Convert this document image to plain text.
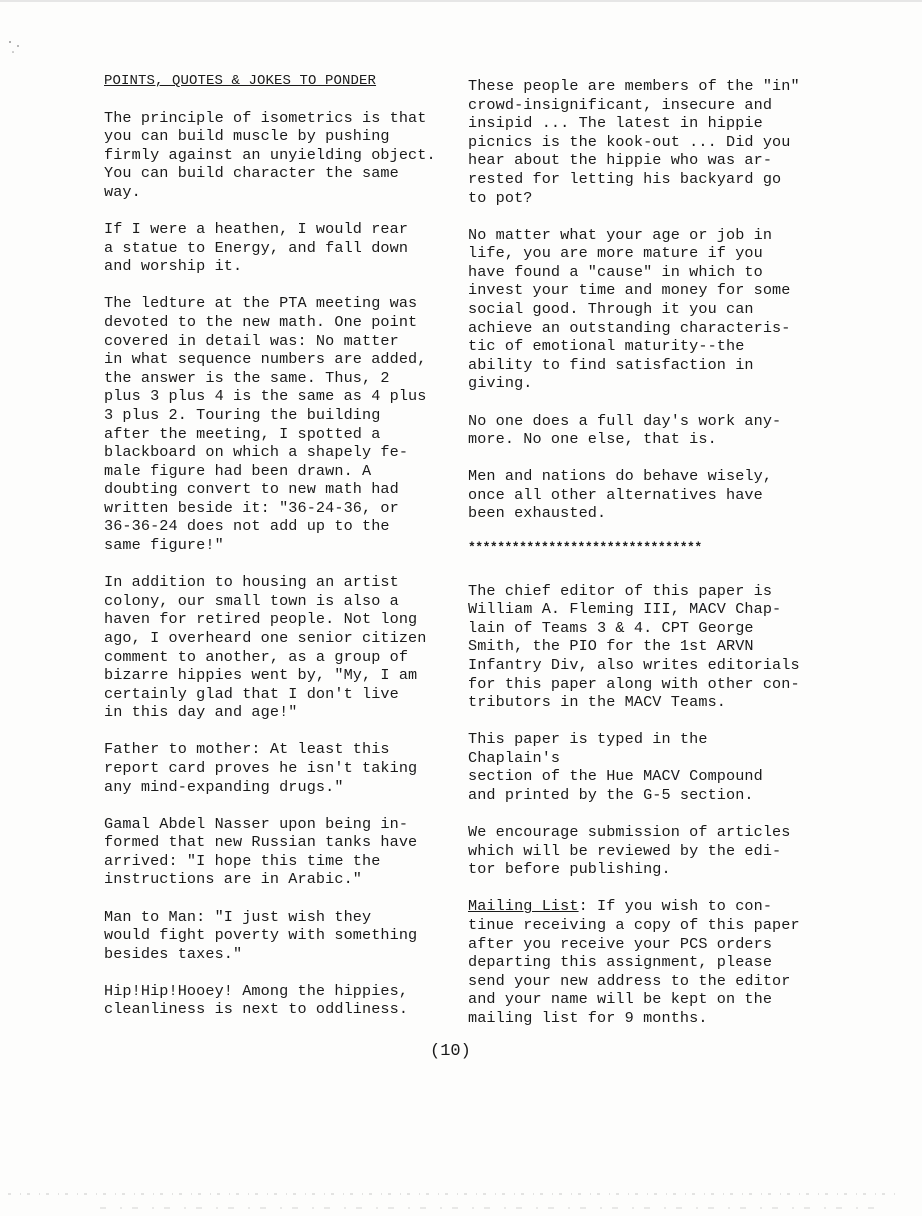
POINTS, QUOTES & JOKES TO PONDER

The principle of isometrics is that
you can build muscle by pushing
firmly against an unyielding object.
You can build character the same
way.

If I were a heathen, I would rear
a statue to Energy, and fall down
and worship it.

The ledture at the PTA meeting was
devoted to the new math. One point
covered in detail was: No matter
in what sequence numbers are added,
the answer is the same. Thus, 2
plus 3 plus 4 is the same as 4 plus
3 plus 2. Touring the building
after the meeting, I spotted a
blackboard on which a shapely fe-
male figure had been drawn. A
doubting convert to new math had
written beside it: "36-24-36, or
36-36-24 does not add up to the
same figure!"

In addition to housing an artist
colony, our small town is also a
haven for retired people. Not long
ago, I overheard one senior citizen
comment to another, as a group of
bizarre hippies went by, "My, I am
certainly glad that I don't live
in this day and age!"

Father to mother: At least this
report card proves he isn't taking
any mind-expanding drugs."

Gamal Abdel Nasser upon being in-
formed that new Russian tanks have
arrived: "I hope this time the
instructions are in Arabic."

Man to Man: "I just wish they
would fight poverty with something
besides taxes."

Hip!Hip!Hooey! Among the hippies,
cleanliness is next to oddliness.

These people are members of the "in"
crowd-insignificant, insecure and
insipid ... The latest in hippie
picnics is the kook-out ... Did you
hear about the hippie who was ar-
rested for letting his backyard go
to pot?

No matter what your age or job in
life, you are more mature if you
have found a "cause" in which to
invest your time and money for some
social good. Through it you can
achieve an outstanding characteris-
tic of emotional maturity--the
ability to find satisfaction in
giving.

No one does a full day's work any-
more. No one else, that is.

Men and nations do behave wisely,
once all other alternatives have
been exhausted.

********************************

The chief editor of this paper is
William A. Fleming III, MACV Chap-
lain of Teams 3 & 4. CPT George
Smith, the PIO for the 1st ARVN
Infantry Div, also writes editorials
for this paper along with other con-
tributors in the MACV Teams.

This paper is typed in the Chaplain's
section of the Hue MACV Compound
and printed by the G-5 section.

We encourage submission of articles
which will be reviewed by the edi-
tor before publishing.

Mailing List: If you wish to con-
tinue receiving a copy of this paper
after you receive your PCS orders
departing this assignment, please
send your new address to the editor
and your name will be kept on the
mailing list for 9 months.

(10)
